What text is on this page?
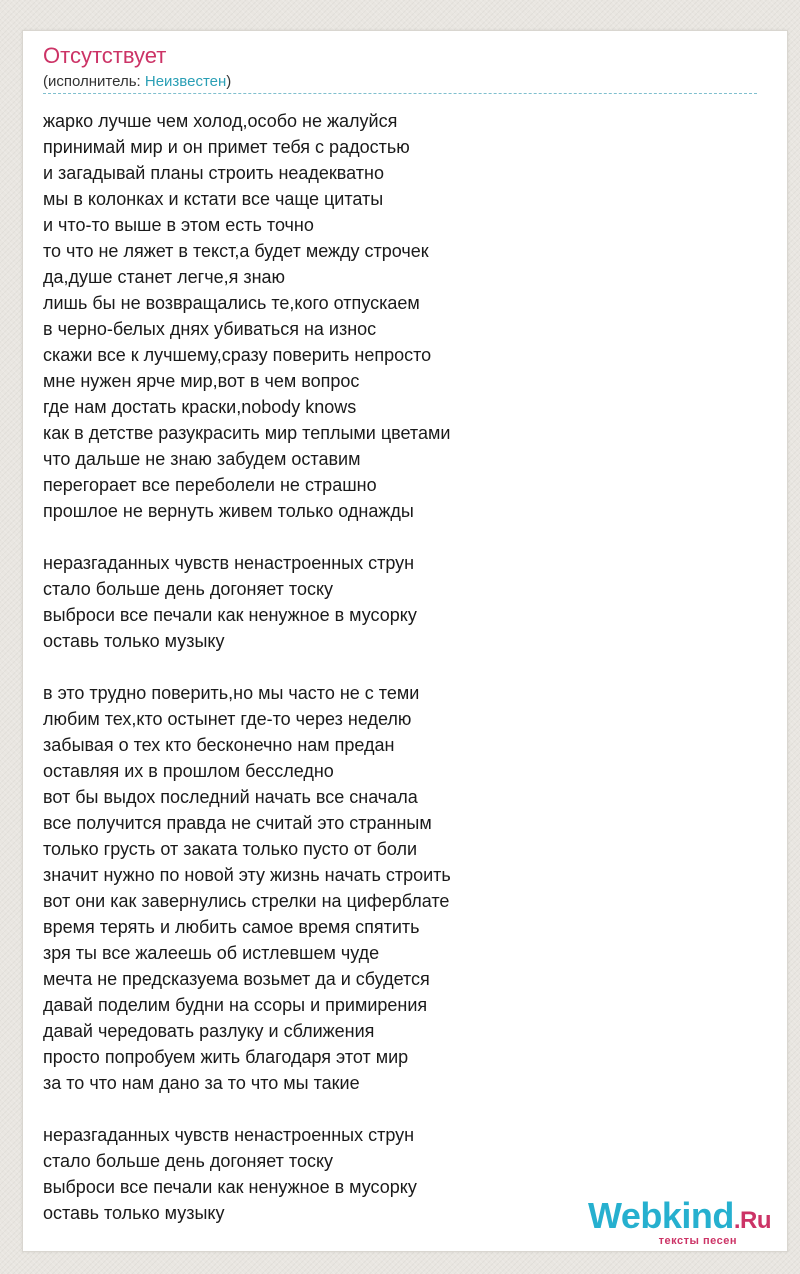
Отсутствует
(исполнитель: Неизвестен)
жарко лучше чем холод,особо не жалуйся
принимай мир и он примет тебя с радостью
и загадывай планы строить неадекватно
мы в колонках и кстати все чаще цитаты
и что-то выше в этом есть точно
то что не ляжет в текст,а будет между строчек
да,душе станет легче,я знаю
лишь бы не возвращались те,кого отпускаем
в черно-белых днях убиваться на износ
скажи все к лучшему,сразу поверить непросто
мне нужен ярче мир,вот в чем вопрос
где нам достать краски,nobody knows
как в детстве разукрасить мир теплыми цветами
что дальше не знаю забудем оставим
перегорает все переболели не страшно
прошлое не вернуть живем только однажды
неразгаданных чувств ненастроенных струн
стало больше день догоняет тоску
выброси все печали как ненужное в мусорку
оставь только музыку
в это трудно поверить,но мы часто не с теми
любим тех,кто остынет где-то через неделю
забывая о тех кто бесконечно нам предан
оставляя их в прошлом бесследно
вот бы выдох последний начать все сначала
все получится правда не считай это странным
только грусть от заката только пусто от боли
значит нужно по новой эту жизнь начать строить
вот они как завернулись стрелки на циферблате
время терять и любить самое время спятить
зря ты все жалеешь об истлевшем чуде
мечта не предсказуема возьмет да и сбудется
давай поделим будни на ссоры и примирения
давай чередовать разлуку и сближения
просто попробуем жить благодаря этот мир
за то что нам дано за то что мы такие
неразгаданных чувств ненастроенных струн
стало больше день догоняет тоску
выброси все печали как ненужное в мусорку
оставь только музыку	Webkind.Ru
тексты песен
